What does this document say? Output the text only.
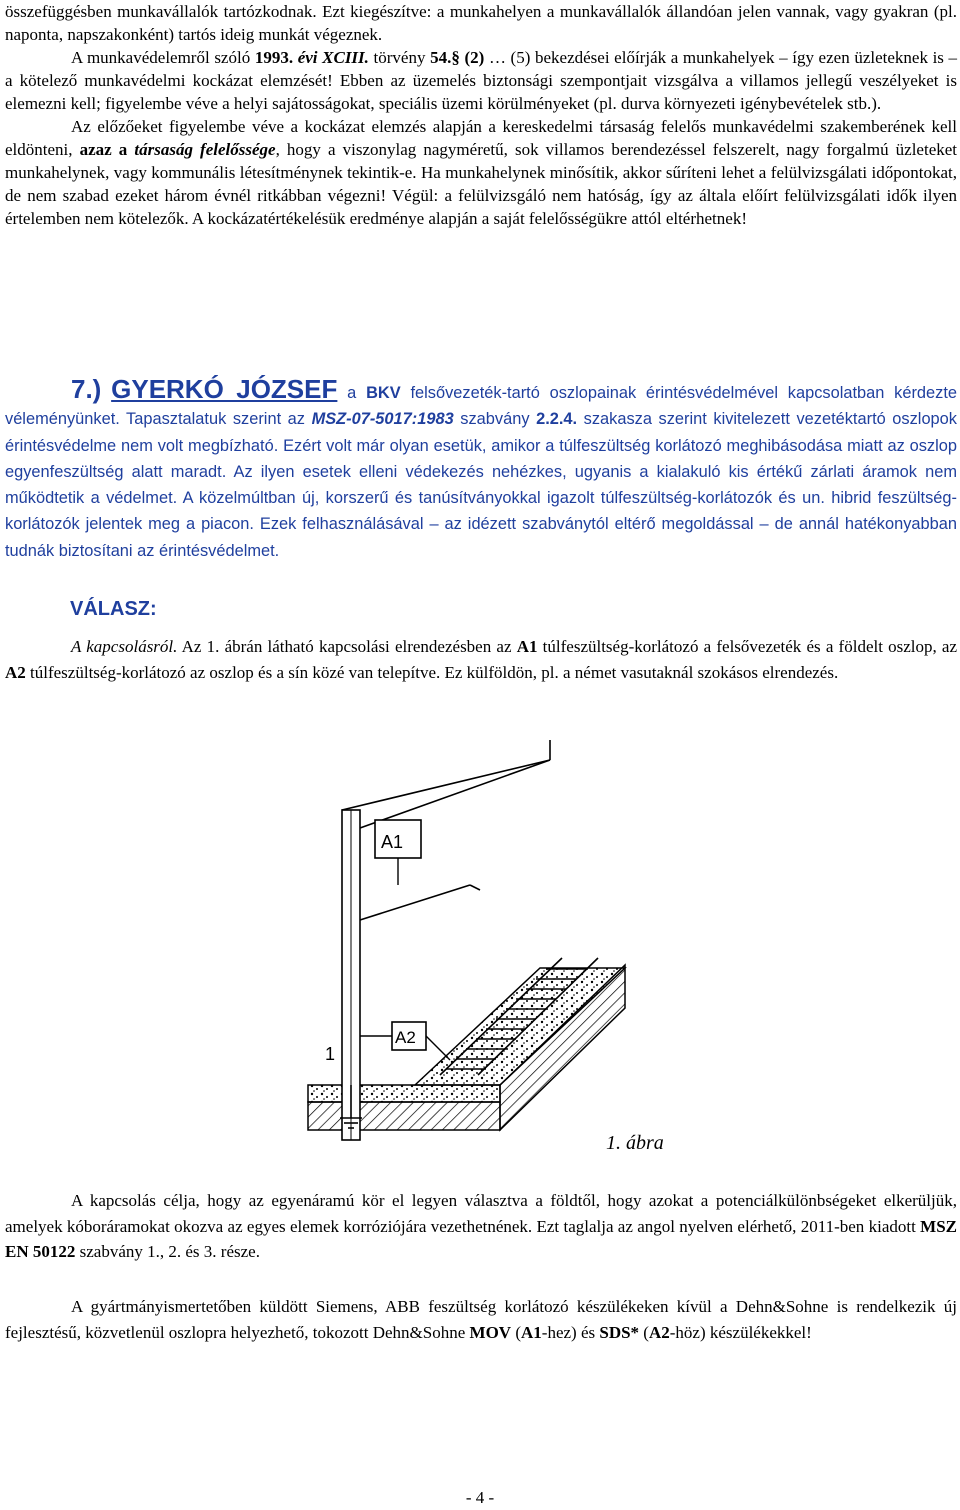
összefüggésben munkavállalók tartózkodnak. Ezt kiegészítve: a munkahelyen a munkavállalók állandóan jelen vannak, vagy gyakran (pl. naponta, napszakonként) tartós ideig munkát végeznek.
A munkavédelemről szóló 1993. évi XCIII. törvény 54.§ (2) … (5) bekezdései előírják a munkahelyek – így ezen üzleteknek is – a kötelező munkavédelmi kockázat elemzését! Ebben az üzemelés biztonsági szempontjait vizsgálva a villamos jellegű veszélyeket is elemezni kell; figyelembe véve a helyi sajátosságokat, speciális üzemi körülményeket (pl. durva környezeti igénybevételek stb.).
Az előzőeket figyelembe véve a kockázat elemzés alapján a kereskedelmi társaság felelős munkavédelmi szakemberének kell eldönteni, azaz a társaság felelőssége, hogy a viszonylag nagyméretű, sok villamos berendezéssel felszerelt, nagy forgalmú üzleteket munkahelynek, vagy kommunális létesítménynek tekintik-e. Ha munkahelynek minősítik, akkor sűríteni lehet a felülvizsgálati időpontokat, de nem szabad ezeket három évnél ritkábban végezni! Végül: a felülvizsgáló nem hatóság, így az általa előírt felülvizsgálati idők ilyen értelemben nem kötelezők. A kockázatértékelésük eredménye alapján a saját felelősségükre attól eltérhetnek!

7.) GYERKÓ JÓZSEF a BKV felsővezeték-tartó oszlopainak érintésvédelmével kapcsolatban kérdezte véleményünket. Tapasztalatuk szerint az MSZ-07-5017:1983 szabvány 2.2.4. szakasza szerint kivitelezett vezetéktartó oszlopok érintésvédelme nem volt megbízható. Ezért volt már olyan esetük, amikor a túlfeszültség korlátozó meghibásodása miatt az oszlop egyenfeszültség alatt maradt. Az ilyen esetek elleni védekezés nehézkes, ugyanis a kialakuló kis értékű zárlati áramok nem működtetik a védelmet. A közelmúltban új, korszerű és tanúsítványokkal igazolt túlfeszültség-korlátozók és un. hibrid feszültség-korlátozók jelentek meg a piacon. Ezek felhasználásával – az idézett szabványtól eltérő megoldással – de annál hatékonyabban tudnák biztosítani az érintésvédelmet.

VÁLASZ:

A kapcsolásról. Az 1. ábrán látható kapcsolási elrendezésben az A1 túlfeszültség-korlátozó a felsővezeték és a földelt oszlop, az A2 túlfeszültség-korlátozó az oszlop és a sín közé van telepítve. Ez külföldön, pl. a német vasutaknál szokásos elrendezés.

A1
A2
1

1. ábra

A kapcsolás célja, hogy az egyenáramú kör el legyen választva a földtől, hogy azokat a potenciálkülönbségeket elkerüljük, amelyek kóboráramokat okozva az egyes elemek korróziójára vezethetnének. Ezt taglalja az angol nyelven elérhető, 2011-ben kiadott MSZ EN 50122 szabvány 1., 2. és 3. része.

A gyártmányismertetőben küldött Siemens, ABB feszültség korlátozó készülékeken kívül a Dehn&Sohne is rendelkezik új fejlesztésű, közvetlenül oszlopra helyezhető, tokozott Dehn&Sohne MOV (A1-hez) és SDS* (A2-höz) készülékekkel!

- 4 -
